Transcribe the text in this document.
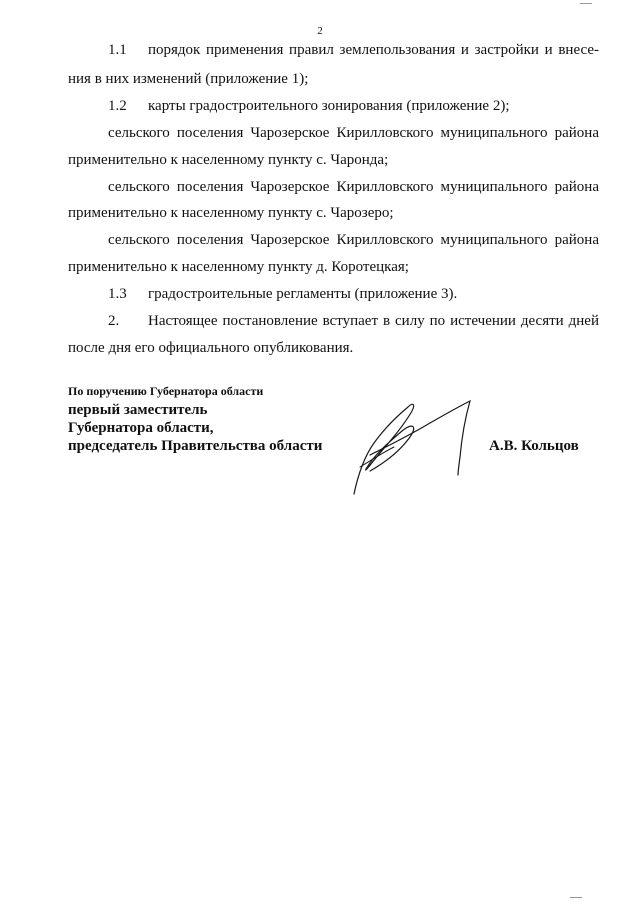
2
1.1 порядок применения правил землепользования и застройки и внесе-
ния в них изменений (приложение 1);
1.2 карты градостроительного зонирования (приложение 2);
сельского поселения Чарозерское Кирилловского муниципального района
применительно к населенному пункту с. Чаронда;
сельского поселения Чарозерское Кирилловского муниципального района
применительно к населенному пункту с. Чарозеро;
сельского поселения Чарозерское Кирилловского муниципального района
применительно к населенному пункту д. Коротецкая;
1.3 градостроительные регламенты (приложение 3).
2. Настоящее постановление вступает в силу по истечении десяти дней
после дня его официального опубликования.
По поручению Губернатора области
первый заместитель
Губернатора области,
председатель Правительства области	А.В. Кольцов
